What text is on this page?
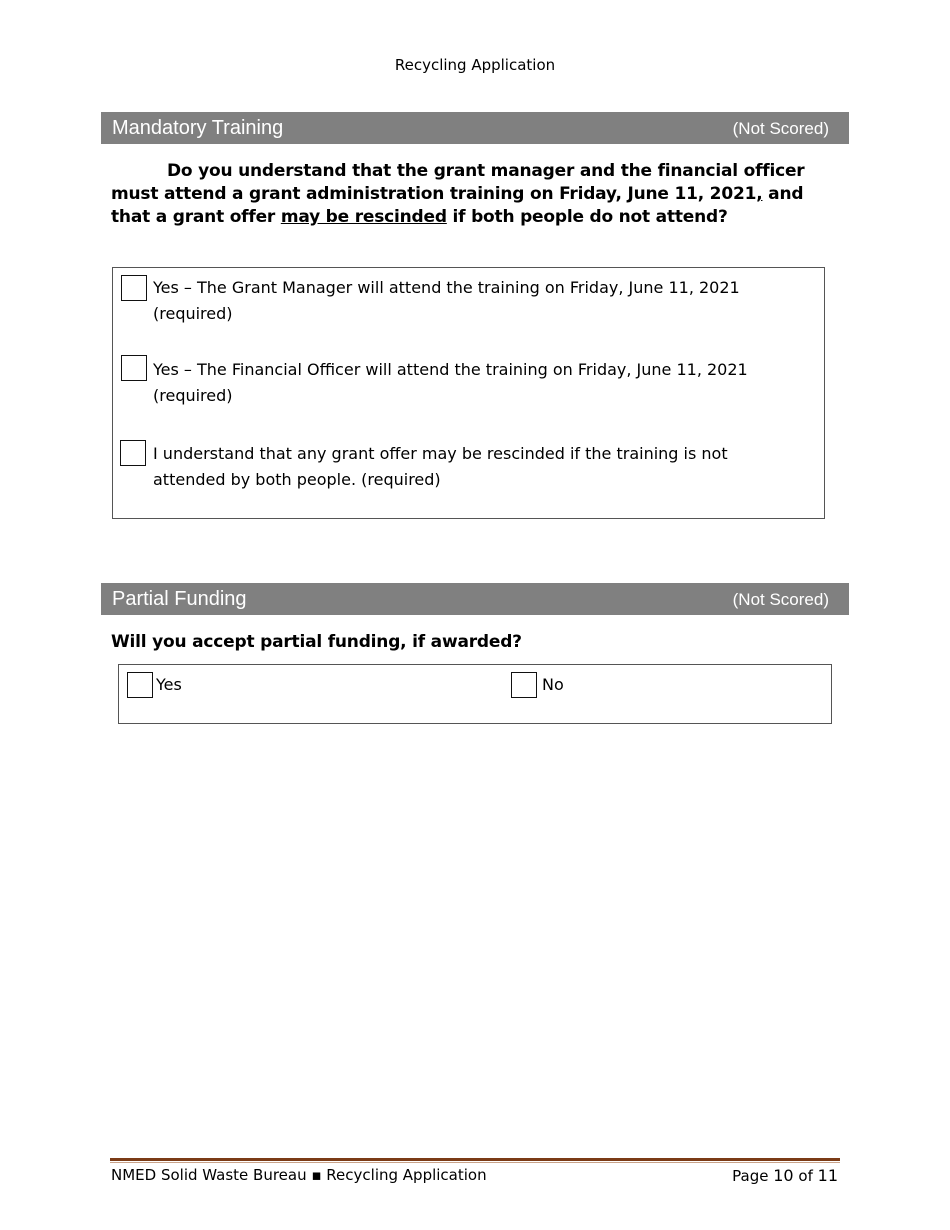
Recycling Application
Mandatory Training	(Not Scored)
Do you understand that the grant manager and the financial officer must attend a grant administration training on Friday, June 11, 2021, and that a grant offer may be rescinded if both people do not attend?
Yes – The Grant Manager will attend the training on Friday, June 11, 2021 (required)
Yes – The Financial Officer will attend the training on Friday, June 11, 2021 (required)
I understand that any grant offer may be rescinded if the training is not attended by both people. (required)
Partial Funding	(Not Scored)
Will you accept partial funding, if awarded?
Yes	No
NMED Solid Waste Bureau ▪ Recycling Application	Page 10 of 11
